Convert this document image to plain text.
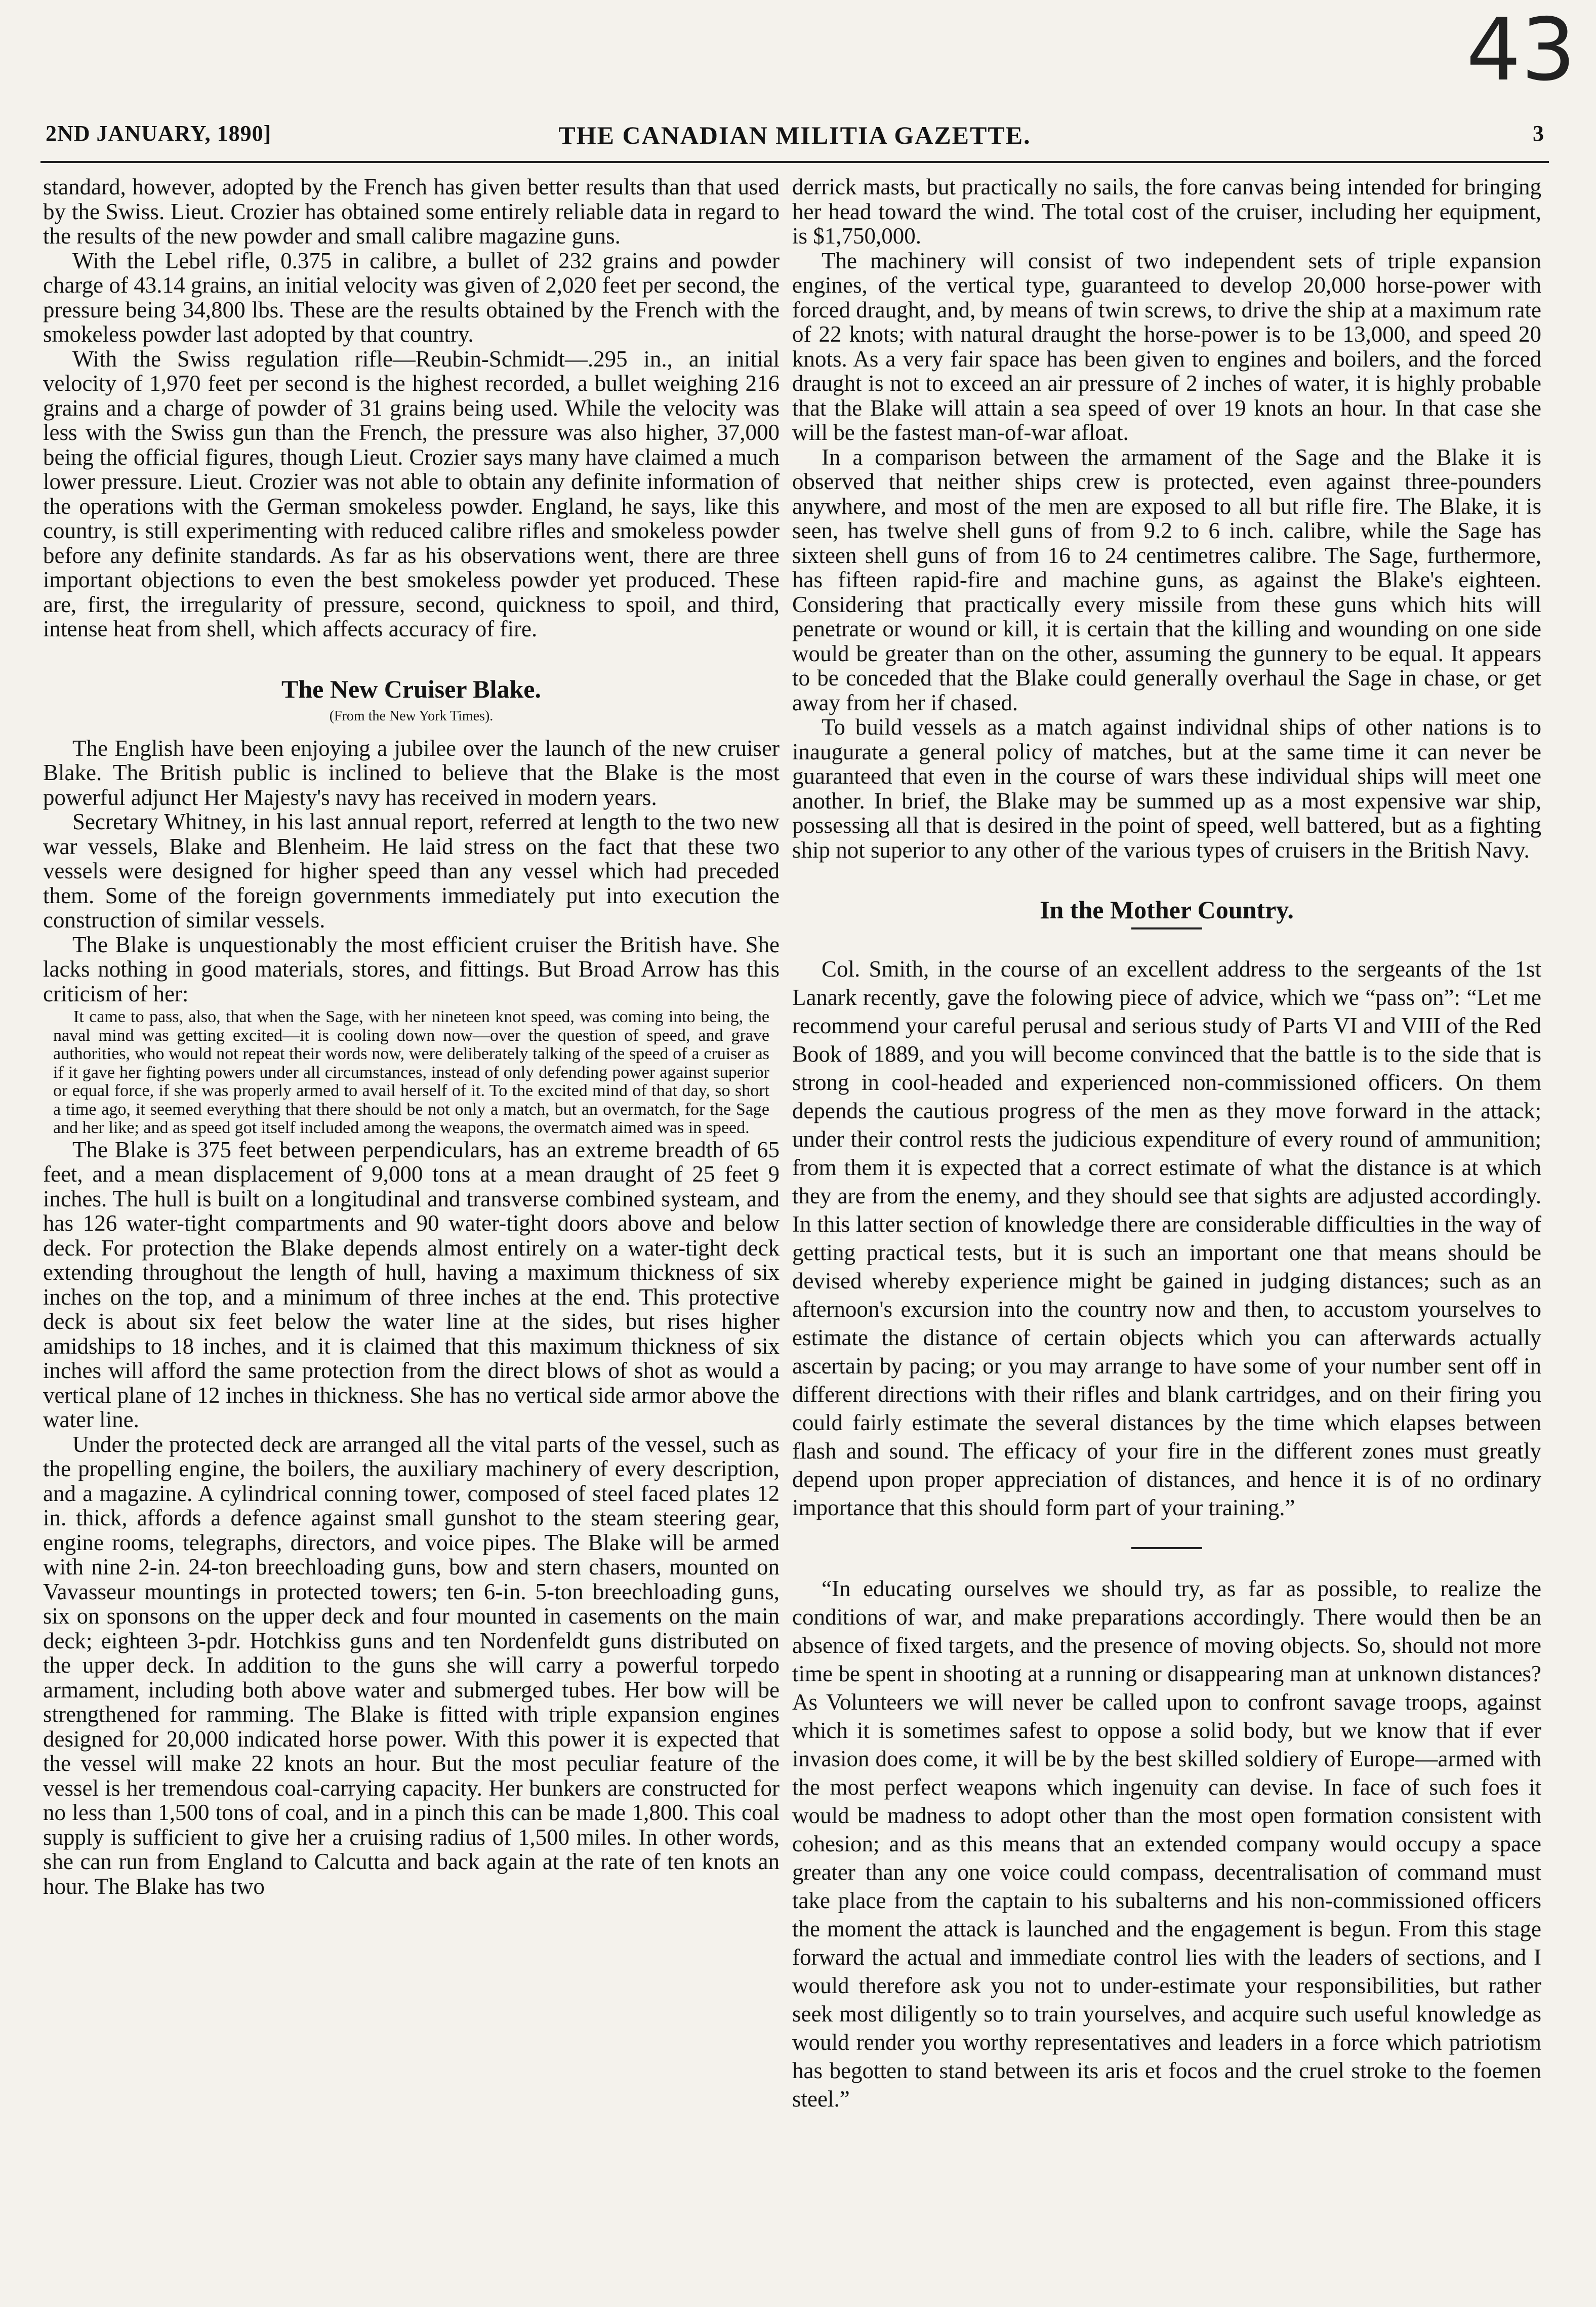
43
2ND JANUARY, 1890]	THE CANADIAN MILITIA GAZETTE.	3

standard, however, adopted by the French has given better results than that used by the Swiss. Lieut. Crozier has obtained some entirely reliable data in regard to the results of the new powder and small calibre magazine guns.

With the Lebel rifle, 0.375 in calibre, a bullet of 232 grains and powder charge of 43.14 grains, an initial velocity was given of 2,020 feet per second, the pressure being 34,800 lbs. These are the results obtained by the French with the smokeless powder last adopted by that country.

With the Swiss regulation rifle—Reubin-Schmidt—.295 in., an initial velocity of 1,970 feet per second is the highest recorded, a bullet weighing 216 grains and a charge of powder of 31 grains being used. While the velocity was less with the Swiss gun than the French, the pressure was also higher, 37,000 being the official figures, though Lieut. Crozier says many have claimed a much lower pressure. Lieut. Crozier was not able to obtain any definite information of the operations with the German smokeless powder. England, he says, like this country, is still experimenting with reduced calibre rifles and smokeless powder before any definite standards. As far as his observations went, there are three important objections to even the best smokeless powder yet produced. These are, first, the irregularity of pressure, second, quickness to spoil, and third, intense heat from shell, which affects accuracy of fire.

The New Cruiser Blake.

(From the New York Times).

The English have been enjoying a jubilee over the launch of the new cruiser Blake. The British public is inclined to believe that the Blake is the most powerful adjunct Her Majesty's navy has received in modern years.

Secretary Whitney, in his last annual report, referred at length to the two new war vessels, Blake and Blenheim. He laid stress on the fact that these two vessels were designed for higher speed than any vessel which had preceded them. Some of the foreign governments immediately put into execution the construction of similar vessels.

The Blake is unquestionably the most efficient cruiser the British have. She lacks nothing in good materials, stores, and fittings. But Broad Arrow has this criticism of her:

It came to pass, also, that when the Sage, with her nineteen knot speed, was coming into being, the naval mind was getting excited—it is cooling down now—over the question of speed, and grave authorities, who would not repeat their words now, were deliberately talking of the speed of a cruiser as if it gave her fighting powers under all circumstances, instead of only defending power against superior or equal force, if she was properly armed to avail herself of it. To the excited mind of that day, so short a time ago, it seemed everything that there should be not only a match, but an overmatch, for the Sage and her like; and as speed got itself included among the weapons, the overmatch aimed was in speed.

The Blake is 375 feet between perpendiculars, has an extreme breadth of 65 feet, and a mean displacement of 9,000 tons at a mean draught of 25 feet 9 inches. The hull is built on a longitudinal and transverse combined systeam, and has 126 water-tight compartments and 90 water-tight doors above and below deck. For protection the Blake depends almost entirely on a water-tight deck extending throughout the length of hull, having a maximum thickness of six inches on the top, and a minimum of three inches at the end. This protective deck is about six feet below the water line at the sides, but rises higher amidships to 18 inches, and it is claimed that this maximum thickness of six inches will afford the same protection from the direct blows of shot as would a vertical plane of 12 inches in thickness. She has no vertical side armor above the water line.

Under the protected deck are arranged all the vital parts of the vessel, such as the propelling engine, the boilers, the auxiliary machinery of every description, and a magazine. A cylindrical conning tower, composed of steel faced plates 12 in. thick, affords a defence against small gunshot to the steam steering gear, engine rooms, telegraphs, directors, and voice pipes. The Blake will be armed with nine 2-in. 24-ton breechloading guns, bow and stern chasers, mounted on Vavasseur mountings in protected towers; ten 6-in. 5-ton breechloading guns, six on sponsons on the upper deck and four mounted in casements on the main deck; eighteen 3-pdr. Hotchkiss guns and ten Nordenfeldt guns distributed on the upper deck. In addition to the guns she will carry a powerful torpedo armament, including both above water and submerged tubes. Her bow will be strengthened for ramming. The Blake is fitted with triple expansion engines designed for 20,000 indicated horse power. With this power it is expected that the vessel will make 22 knots an hour. But the most peculiar feature of the vessel is her tremendous coal-carrying capacity. Her bunkers are constructed for no less than 1,500 tons of coal, and in a pinch this can be made 1,800. This coal supply is sufficient to give her a cruising radius of 1,500 miles. In other words, she can run from England to Calcutta and back again at the rate of ten knots an hour. The Blake has two

derrick masts, but practically no sails, the fore canvas being intended for bringing her head toward the wind. The total cost of the cruiser, including her equipment, is $1,750,000.

The machinery will consist of two independent sets of triple expansion engines, of the vertical type, guaranteed to develop 20,000 horse-power with forced draught, and, by means of twin screws, to drive the ship at a maximum rate of 22 knots; with natural draught the horse-power is to be 13,000, and speed 20 knots. As a very fair space has been given to engines and boilers, and the forced draught is not to exceed an air pressure of 2 inches of water, it is highly probable that the Blake will attain a sea speed of over 19 knots an hour. In that case she will be the fastest man-of-war afloat.

In a comparison between the armament of the Sage and the Blake it is observed that neither ships crew is protected, even against three-pounders anywhere, and most of the men are exposed to all but rifle fire. The Blake, it is seen, has twelve shell guns of from 9.2 to 6 inch. calibre, while the Sage has sixteen shell guns of from 16 to 24 centimetres calibre. The Sage, furthermore, has fifteen rapid-fire and machine guns, as against the Blake's eighteen. Considering that practically every missile from these guns which hits will penetrate or wound or kill, it is certain that the killing and wounding on one side would be greater than on the other, assuming the gunnery to be equal. It appears to be conceded that the Blake could generally overhaul the Sage in chase, or get away from her if chased.

To build vessels as a match against individnal ships of other nations is to inaugurate a general policy of matches, but at the same time it can never be guaranteed that even in the course of wars these individual ships will meet one another. In brief, the Blake may be summed up as a most expensive war ship, possessing all that is desired in the point of speed, well battered, but as a fighting ship not superior to any other of the various types of cruisers in the British Navy.

In the Mother Country.

Col. Smith, in the course of an excellent address to the sergeants of the 1st Lanark recently, gave the folowing piece of advice, which we “pass on”: “Let me recommend your careful perusal and serious study of Parts VI and VIII of the Red Book of 1889, and you will become convinced that the battle is to the side that is strong in cool-headed and experienced non-commissioned officers. On them depends the cautious progress of the men as they move forward in the attack; under their control rests the judicious expenditure of every round of ammunition; from them it is expected that a correct estimate of what the distance is at which they are from the enemy, and they should see that sights are adjusted accordingly. In this latter section of knowledge there are considerable difficulties in the way of getting practical tests, but it is such an important one that means should be devised whereby experience might be gained in judging distances; such as an afternoon's excursion into the country now and then, to accustom yourselves to estimate the distance of certain objects which you can afterwards actually ascertain by pacing; or you may arrange to have some of your number sent off in different directions with their rifles and blank cartridges, and on their firing you could fairly estimate the several distances by the time which elapses between flash and sound. The efficacy of your fire in the different zones must greatly depend upon proper appreciation of distances, and hence it is of no ordinary importance that this should form part of your training.”

“In educating ourselves we should try, as far as possible, to realize the conditions of war, and make preparations accordingly. There would then be an absence of fixed targets, and the presence of moving objects. So, should not more time be spent in shooting at a running or disappearing man at unknown distances? As Volunteers we will never be called upon to confront savage troops, against which it is sometimes safest to oppose a solid body, but we know that if ever invasion does come, it will be by the best skilled soldiery of Europe—armed with the most perfect weapons which ingenuity can devise. In face of such foes it would be madness to adopt other than the most open formation consistent with cohesion; and as this means that an extended company would occupy a space greater than any one voice could compass, decentralisation of command must take place from the captain to his subalterns and his non-commissioned officers the moment the attack is launched and the engagement is begun. From this stage forward the actual and immediate control lies with the leaders of sections, and I would therefore ask you not to under-estimate your responsibilities, but rather seek most diligently so to train yourselves, and acquire such useful knowledge as would render you worthy representatives and leaders in a force which patriotism has begotten to stand between its aris et focos and the cruel stroke to the foemen steel.”
